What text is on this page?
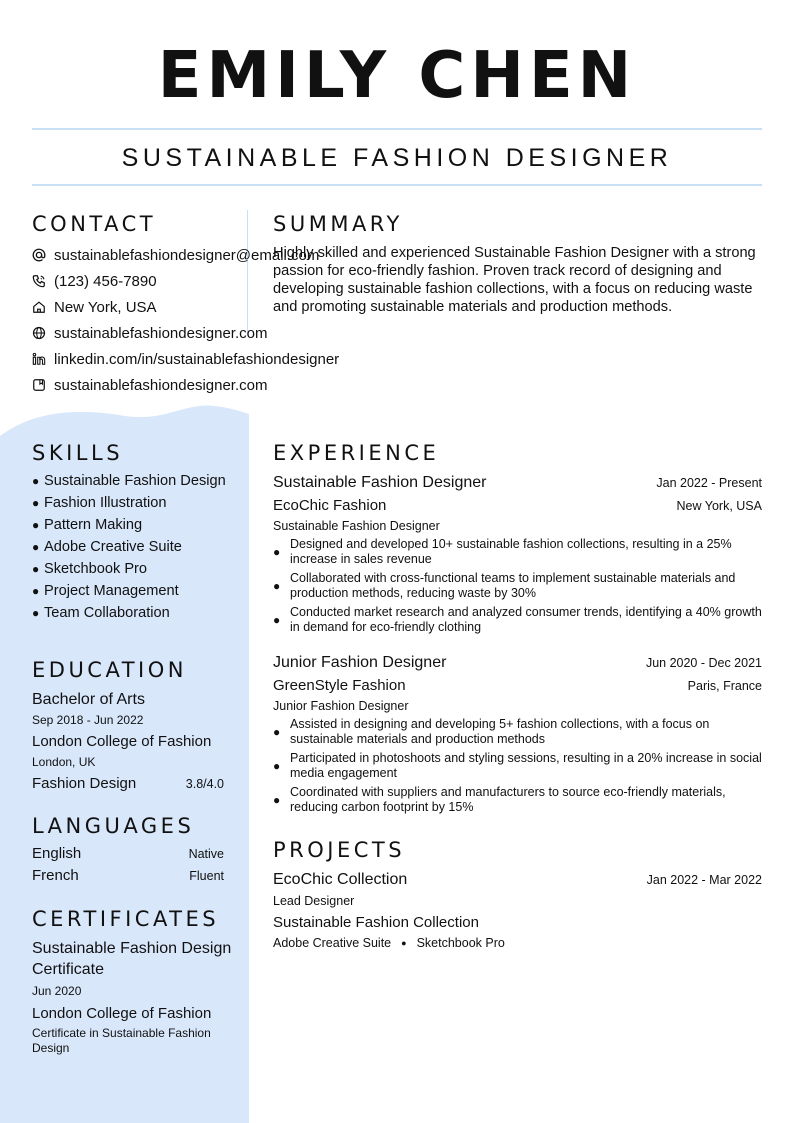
EMILY CHEN
SUSTAINABLE FASHION DESIGNER
CONTACT
sustainablefashiondesigner@email.com
(123) 456-7890
New York, USA
sustainablefashiondesigner.com
linkedin.com/in/sustainablefashiondesigner
sustainablefashiondesigner.com
SUMMARY
Highly skilled and experienced Sustainable Fashion Designer with a strong passion for eco-friendly fashion. Proven track record of designing and developing sustainable fashion collections, with a focus on reducing waste and promoting sustainable materials and production methods.
SKILLS
● Sustainable Fashion Design
● Fashion Illustration
● Pattern Making
● Adobe Creative Suite
● Sketchbook Pro
● Project Management
● Team Collaboration
EDUCATION
Bachelor of Arts
Sep 2018 - Jun 2022
London College of Fashion
London, UK
Fashion Design	3.8/4.0
LANGUAGES
English	Native
French	Fluent
CERTIFICATES
Sustainable Fashion Design Certificate
Jun 2020
London College of Fashion
Certificate in Sustainable Fashion Design
EXPERIENCE
Sustainable Fashion Designer	Jan 2022 - Present
EcoChic Fashion	New York, USA
Sustainable Fashion Designer
●
Designed and developed 10+ sustainable fashion collections, resulting in a 25% increase in sales revenue
●
Collaborated with cross-functional teams to implement sustainable materials and production methods, reducing waste by 30%
●
Conducted market research and analyzed consumer trends, identifying a 40% growth in demand for eco-friendly clothing
Junior Fashion Designer	Jun 2020 - Dec 2021
GreenStyle Fashion	Paris, France
Junior Fashion Designer
●
Assisted in designing and developing 5+ fashion collections, with a focus on sustainable materials and production methods
●
Participated in photoshoots and styling sessions, resulting in a 20% increase in social media engagement
●
Coordinated with suppliers and manufacturers to source eco-friendly materials, reducing carbon footprint by 15%
PROJECTS
EcoChic Collection	Jan 2022 - Mar 2022
Lead Designer
Sustainable Fashion Collection
Adobe Creative Suite ● Sketchbook Pro
